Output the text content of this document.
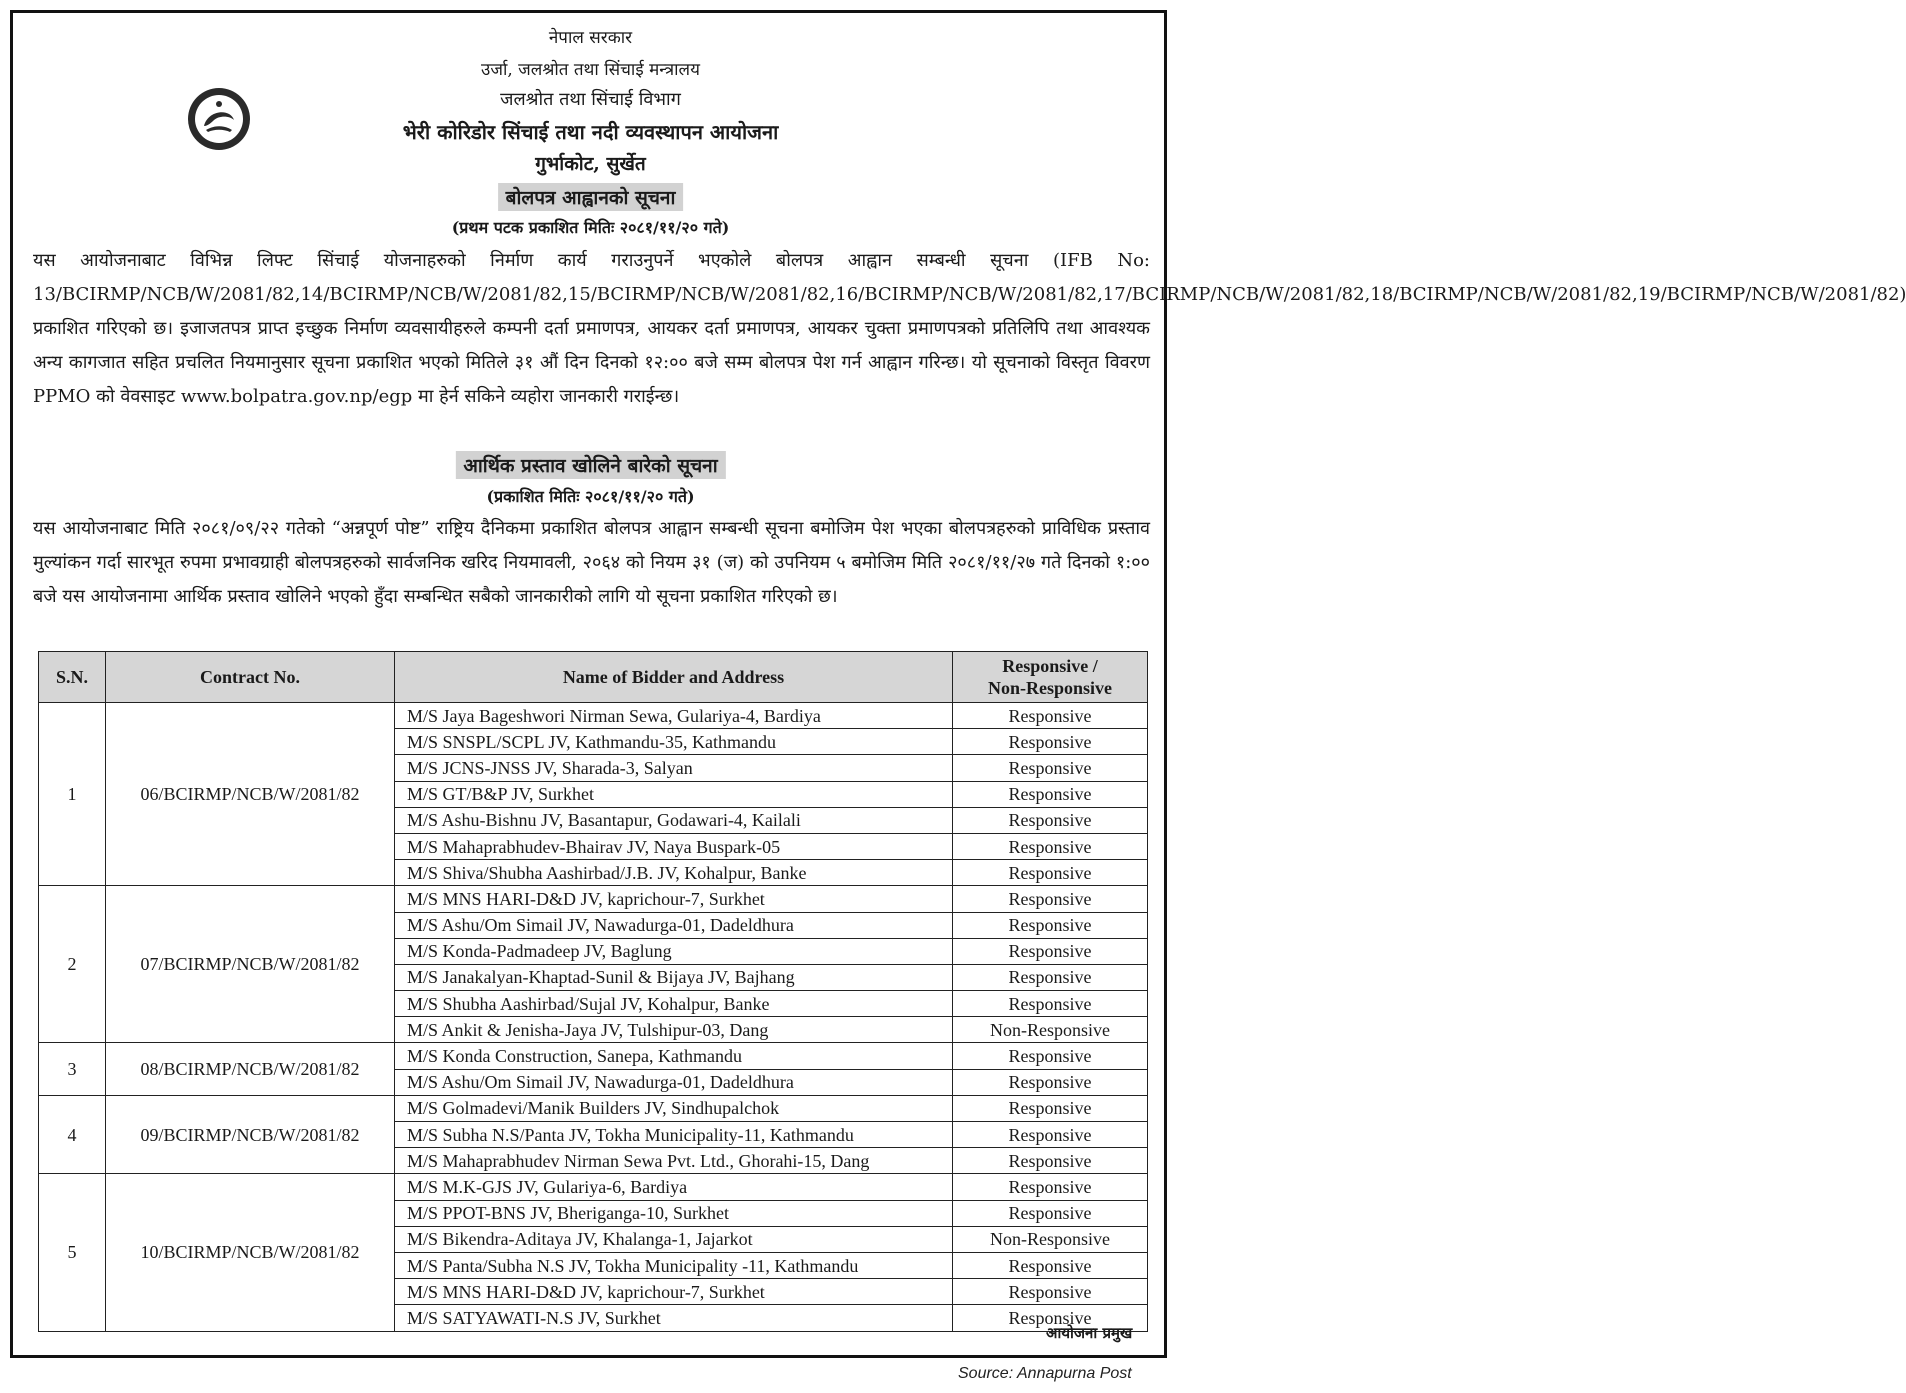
नेपाल सरकार
उर्जा, जलश्रोत तथा सिंचाई मन्त्रालय
जलश्रोत तथा सिंचाई विभाग
भेरी कोरिडोर सिंचाई तथा नदी व्यवस्थापन आयोजना
गुर्भाकोट, सुर्खेत
बोलपत्र आह्वानको सूचना
(प्रथम पटक प्रकाशित मितिः २०८१/११/२० गते)
यस आयोजनाबाट विभिन्न लिफ्ट सिंचाई योजनाहरुको निर्माण कार्य गराउनुपर्ने भएकोले बोलपत्र आह्वान सम्बन्धी सूचना (IFB No: 13/BCIRMP/NCB/W/2081/82,14/BCIRMP/NCB/W/2081/82,15/BCIRMP/NCB/W/2081/82,16/BCIRMP/NCB/W/2081/82,17/BCIRMP/NCB/W/2081/82,18/BCIRMP/NCB/W/2081/82,19/BCIRMP/NCB/W/2081/82) प्रकाशित गरिएको छ। इजाजतपत्र प्राप्त इच्छुक निर्माण व्यवसायीहरुले कम्पनी दर्ता प्रमाणपत्र, आयकर दर्ता प्रमाणपत्र, आयकर चुक्ता प्रमाणपत्रको प्रतिलिपि तथा आवश्यक अन्य कागजात सहित प्रचलित नियमानुसार सूचना प्रकाशित भएको मितिले ३१ औं दिन दिनको १२:०० बजे सम्म बोलपत्र पेश गर्न आह्वान गरिन्छ। यो सूचनाको विस्तृत विवरण PPMO को वेवसाइट www.bolpatra.gov.np/egp मा हेर्न सकिने व्यहोरा जानकारी गराईन्छ।
आर्थिक प्रस्ताव खोलिने बारेको सूचना
(प्रकाशित मितिः २०८१/११/२० गते)
यस आयोजनाबाट मिति २०८१/०९/२२ गतेको “अन्नपूर्ण पोष्ट” राष्ट्रिय दैनिकमा प्रकाशित बोलपत्र आह्वान सम्बन्धी सूचना बमोजिम पेश भएका बोलपत्रहरुको प्राविधिक प्रस्ताव मुल्यांकन गर्दा सारभूत रुपमा प्रभावग्राही बोलपत्रहरुको सार्वजनिक खरिद नियमावली, २०६४ को नियम ३१ (ज) को उपनियम ५ बमोजिम मिति २०८१/११/२७ गते दिनको १:०० बजे यस आयोजनामा आर्थिक प्रस्ताव खोलिने भएको हुँदा सम्बन्धित सबैको जानकारीको लागि यो सूचना प्रकाशित गरिएको छ।
S.N.	Contract No.	Name of Bidder and Address	Responsive /
Non-Responsive
1	06/BCIRMP/NCB/W/2081/82	M/S Jaya Bageshwori Nirman Sewa, Gulariya-4, Bardiya	Responsive
		M/S SNSPL/SCPL JV, Kathmandu-35, Kathmandu	Responsive
		M/S JCNS-JNSS JV, Sharada-3, Salyan	Responsive
		M/S GT/B&P JV, Surkhet	Responsive
		M/S Ashu-Bishnu JV, Basantapur, Godawari-4, Kailali	Responsive
		M/S Mahaprabhudev-Bhairav JV, Naya Buspark-05	Responsive
		M/S Shiva/Shubha Aashirbad/J.B. JV, Kohalpur, Banke	Responsive
2	07/BCIRMP/NCB/W/2081/82	M/S MNS HARI-D&D JV, kaprichour-7, Surkhet	Responsive
		M/S Ashu/Om Simail JV, Nawadurga-01, Dadeldhura	Responsive
		M/S Konda-Padmadeep JV, Baglung	Responsive
		M/S Janakalyan-Khaptad-Sunil & Bijaya JV, Bajhang	Responsive
		M/S Shubha Aashirbad/Sujal JV, Kohalpur, Banke	Responsive
		M/S Ankit & Jenisha-Jaya JV, Tulshipur-03, Dang	Non-Responsive
3	08/BCIRMP/NCB/W/2081/82	M/S Konda Construction, Sanepa, Kathmandu	Responsive
		M/S Ashu/Om Simail JV, Nawadurga-01, Dadeldhura	Responsive
4	09/BCIRMP/NCB/W/2081/82	M/S Golmadevi/Manik Builders JV, Sindhupalchok	Responsive
		M/S Subha N.S/Panta JV, Tokha Municipality-11, Kathmandu	Responsive
		M/S Mahaprabhudev Nirman Sewa Pvt. Ltd., Ghorahi-15, Dang	Responsive
5	10/BCIRMP/NCB/W/2081/82	M/S M.K-GJS JV, Gulariya-6, Bardiya	Responsive
		M/S PPOT-BNS JV, Bheriganga-10, Surkhet	Responsive
		M/S Bikendra-Aditaya JV, Khalanga-1, Jajarkot	Non-Responsive
		M/S Panta/Subha N.S JV, Tokha Municipality -11, Kathmandu	Responsive
		M/S MNS HARI-D&D JV, kaprichour-7, Surkhet	Responsive
		M/S SATYAWATI-N.S JV, Surkhet	Responsive
आयोजना प्रमुख
Source: Annapurna Post
